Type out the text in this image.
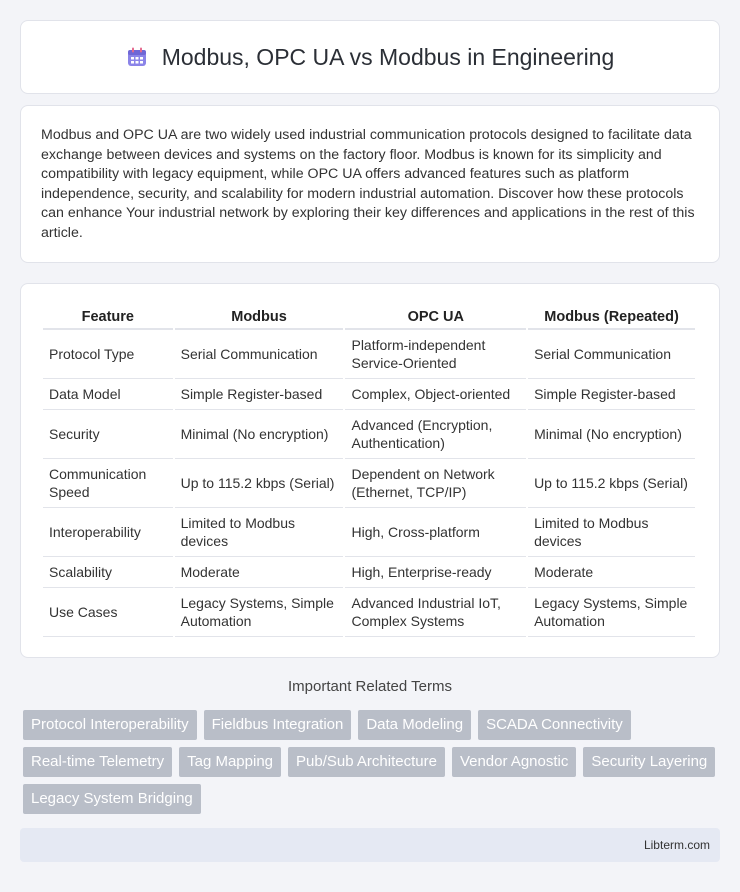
Modbus, OPC UA vs Modbus in Engineering

Modbus and OPC UA are two widely used industrial communication protocols designed to facilitate data exchange between devices and systems on the factory floor. Modbus is known for its simplicity and compatibility with legacy equipment, while OPC UA offers advanced features such as platform independence, security, and scalability for modern industrial automation. Discover how these protocols can enhance Your industrial network by exploring their key differences and applications in the rest of this article.

Feature	Modbus	OPC UA	Modbus (Repeated)
Protocol Type	Serial Communication	Platform-independent Service-Oriented	Serial Communication
Data Model	Simple Register-based	Complex, Object-oriented	Simple Register-based
Security	Minimal (No encryption)	Advanced (Encryption, Authentication)	Minimal (No encryption)
Communication Speed	Up to 115.2 kbps (Serial)	Dependent on Network (Ethernet, TCP/IP)	Up to 115.2 kbps (Serial)
Interoperability	Limited to Modbus devices	High, Cross-platform	Limited to Modbus devices
Scalability	Moderate	High, Enterprise-ready	Moderate
Use Cases	Legacy Systems, Simple Automation	Advanced Industrial IoT, Complex Systems	Legacy Systems, Simple Automation
Important Related Terms
Protocol Interoperability	Fieldbus Integration	Data Modeling	SCADA Connectivity
Real-time Telemetry	Tag Mapping	Pub/Sub Architecture	Vendor Agnostic	Security Layering
Legacy System Bridging
Libterm.com
